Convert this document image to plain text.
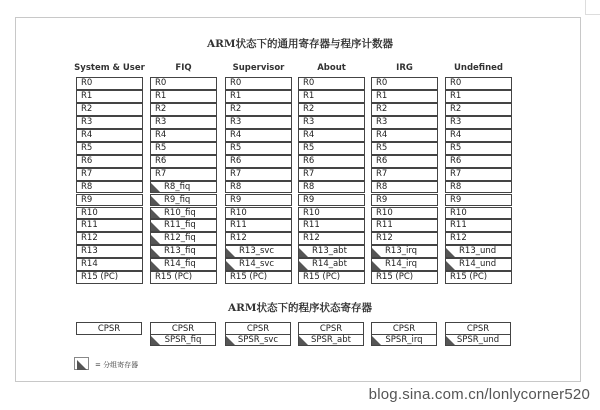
ARM状态下的通用寄存器与程序计数器
System & User
R0
R1
R2
R3
R4
R5
R6
R7
R8
R9
R10
R11
R12
R13
R14
R15 (PC)
FIQ
R0
R1
R2
R3
R4
R5
R6
R7
R8_fiq
R9_fiq
R10_fiq
R11_fiq
R12_fiq
R13_fiq
R14_fiq
R15 (PC)
Supervisor
R0
R1
R2
R3
R4
R5
R6
R7
R8
R9
R10
R11
R12
R13_svc
R14_svc
R15 (PC)
About
R0
R1
R2
R3
R4
R5
R6
R7
R8
R9
R10
R11
R12
R13_abt
R14_abt
R15 (PC)
IRG
R0
R1
R2
R3
R4
R5
R6
R7
R8
R9
R10
R11
R12
R13_irq
R14_irq
R15 (PC)
Undefined
R0
R1
R2
R3
R4
R5
R6
R7
R8
R9
R10
R11
R12
R13_und
R14_und
R15 (PC)
ARM状态下的程序状态寄存器
CPSR	CPSR
SPSR_fiq
CPSR
SPSR_svc
CPSR
SPSR_abt
CPSR
SPSR_irq
CPSR
SPSR_und
= 分组寄存器
blog.sina.com.cn/lonlycorner520
